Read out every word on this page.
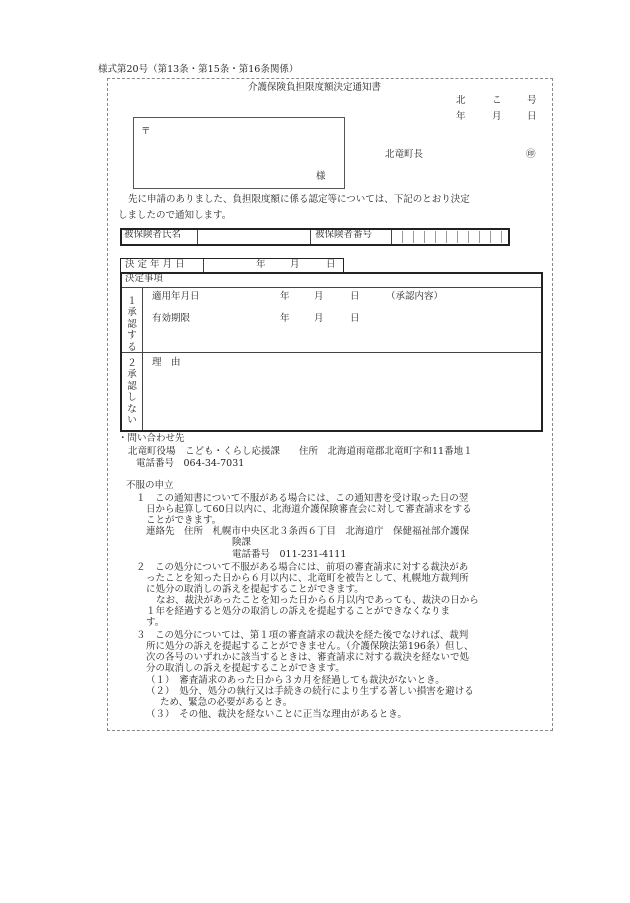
様式第20号（第13条・第15条・第16条関係）
介護保険負担限度額決定通知書
北	こ	号
年	月	日
〒
様
北竜町長	㊞
先に申請のありました、負担限度額に係る認定等については、下記のとおり決定
しましたので通知します。
被保険者氏名	被保険者番号
決 定 年 月 日	年	月	日
決定事項
１承認する
適用年月日	年	月	日	（承認内容）
有効期限	年	月	日
２承認しない
理　由
・問い合わせ先
北竜町役場　こども・くらし応援課　　住所　北海道雨竜郡北竜町字和11番地１
電話番号　064-34-7031
不服の申立
１　この通知書について不服がある場合には、この通知書を受け取った日の翌
日から起算して60日以内に、北海道介護保険審査会に対して審査請求をする
ことができます。
連絡先　住所　札幌市中央区北３条西６丁目　北海道庁　保健福祉部介護保
険課
電話番号　011-231-4111
２　この処分について不服がある場合には、前項の審査請求に対する裁決があ
ったことを知った日から６月以内に、北竜町を被告として、札幌地方裁判所
に処分の取消しの訴えを提起することができます。
なお、裁決があったことを知った日から６月以内であっても、裁決の日から
１年を経過すると処分の取消しの訴えを提起することができなくなりま
す。
３　この処分については、第１項の審査請求の裁決を経た後でなければ、裁判
所に処分の訴えを提起することができません。（介護保険法第196条）但し、
次の各号のいずれかに該当するときは、審査請求に対する裁決を経ないで処
分の取消しの訴えを提起することができます。
（１）　審査請求のあった日から３カ月を経過しても裁決がないとき。
（２）　処分、処分の執行又は手続きの続行により生ずる著しい損害を避ける
ため、緊急の必要があるとき。
（３）　その他、裁決を経ないことに正当な理由があるとき。
